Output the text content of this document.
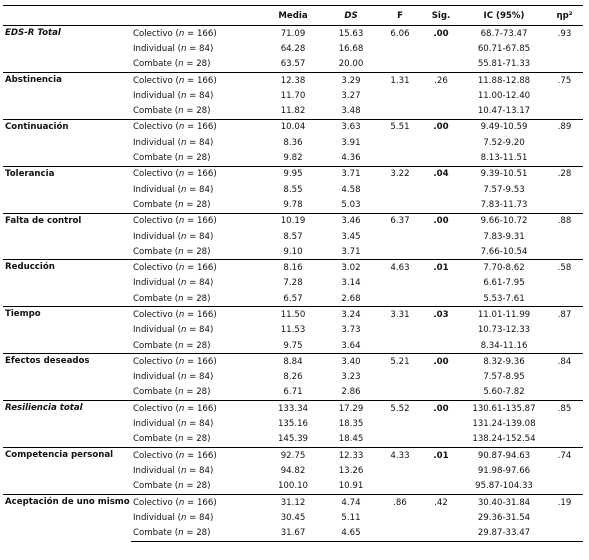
		Media	DS	F	Sig.	IC (95%)	ηp²
EDS-R Total	Colectivo (n = 166)	71.09	15.63	6.06	.00	68.7-73.47	.93
	Individual (n = 84)	64.28	16.68			60.71-67.85	
	Combate (n = 28)	63.57	20.00			55.81-71.33	
Abstinencia	Colectivo (n = 166)	12.38	3.29	1.31	.26	11.88-12.88	.75
	Individual (n = 84)	11.70	3.27			11.00-12.40	
	Combate (n = 28)	11.82	3.48			10.47-13.17	
Continuación	Colectivo (n = 166)	10.04	3.63	5.51	.00	9.49-10.59	.89
	Individual (n = 84)	8.36	3.91			7.52-9.20	
	Combate (n = 28)	9.82	4.36			8.13-11.51	
Tolerancia	Colectivo (n = 166)	9.95	3.71	3.22	.04	9.39-10.51	.28
	Individual (n = 84)	8.55	4.58			7.57-9.53	
	Combate (n = 28)	9.78	5.03			7.83-11.73	
Falta de control	Colectivo (n = 166)	10.19	3.46	6.37	.00	9.66-10.72	.88
	Individual (n = 84)	8.57	3.45			7.83-9.31	
	Combate (n = 28)	9.10	3.71			7.66-10.54	
Reducción	Colectivo (n = 166)	8.16	3.02	4.63	.01	7.70-8.62	.58
	Individual (n = 84)	7.28	3.14			6.61-7.95	
	Combate (n = 28)	6.57	2.68			5.53-7.61	
Tiempo	Colectivo (n = 166)	11.50	3.24	3.31	.03	11.01-11.99	.87
	Individual (n = 84)	11.53	3.73			10.73-12.33	
	Combate (n = 28)	9.75	3.64			8.34-11.16	
Efectos deseados	Colectivo (n = 166)	8.84	3.40	5.21	.00	8.32-9.36	.84
	Individual (n = 84)	8.26	3.23			7.57-8.95	
	Combate (n = 28)	6.71	2.86			5.60-7.82	
Resiliencia total	Colectivo (n = 166)	133.34	17.29	5.52	.00	130.61-135.87	.85
	Individual (n = 84)	135.16	18.35			131.24-139.08	
	Combate (n = 28)	145.39	18.45			138.24-152.54	
Competencia personal	Colectivo (n = 166)	92.75	12.33	4.33	.01	90.87-94.63	.74
	Individual (n = 84)	94.82	13.26			91.98-97.66	
	Combate (n = 28)	100.10	10.91			95.87-104.33	
Aceptación de uno mismo	Colectivo (n = 166)	31.12	4.74	.86	.42	30.40-31.84	.19
	Individual (n = 84)	30.45	5.11			29.36-31.54	
	Combate (n = 28)	31.67	4.65			29.87-33.47	
